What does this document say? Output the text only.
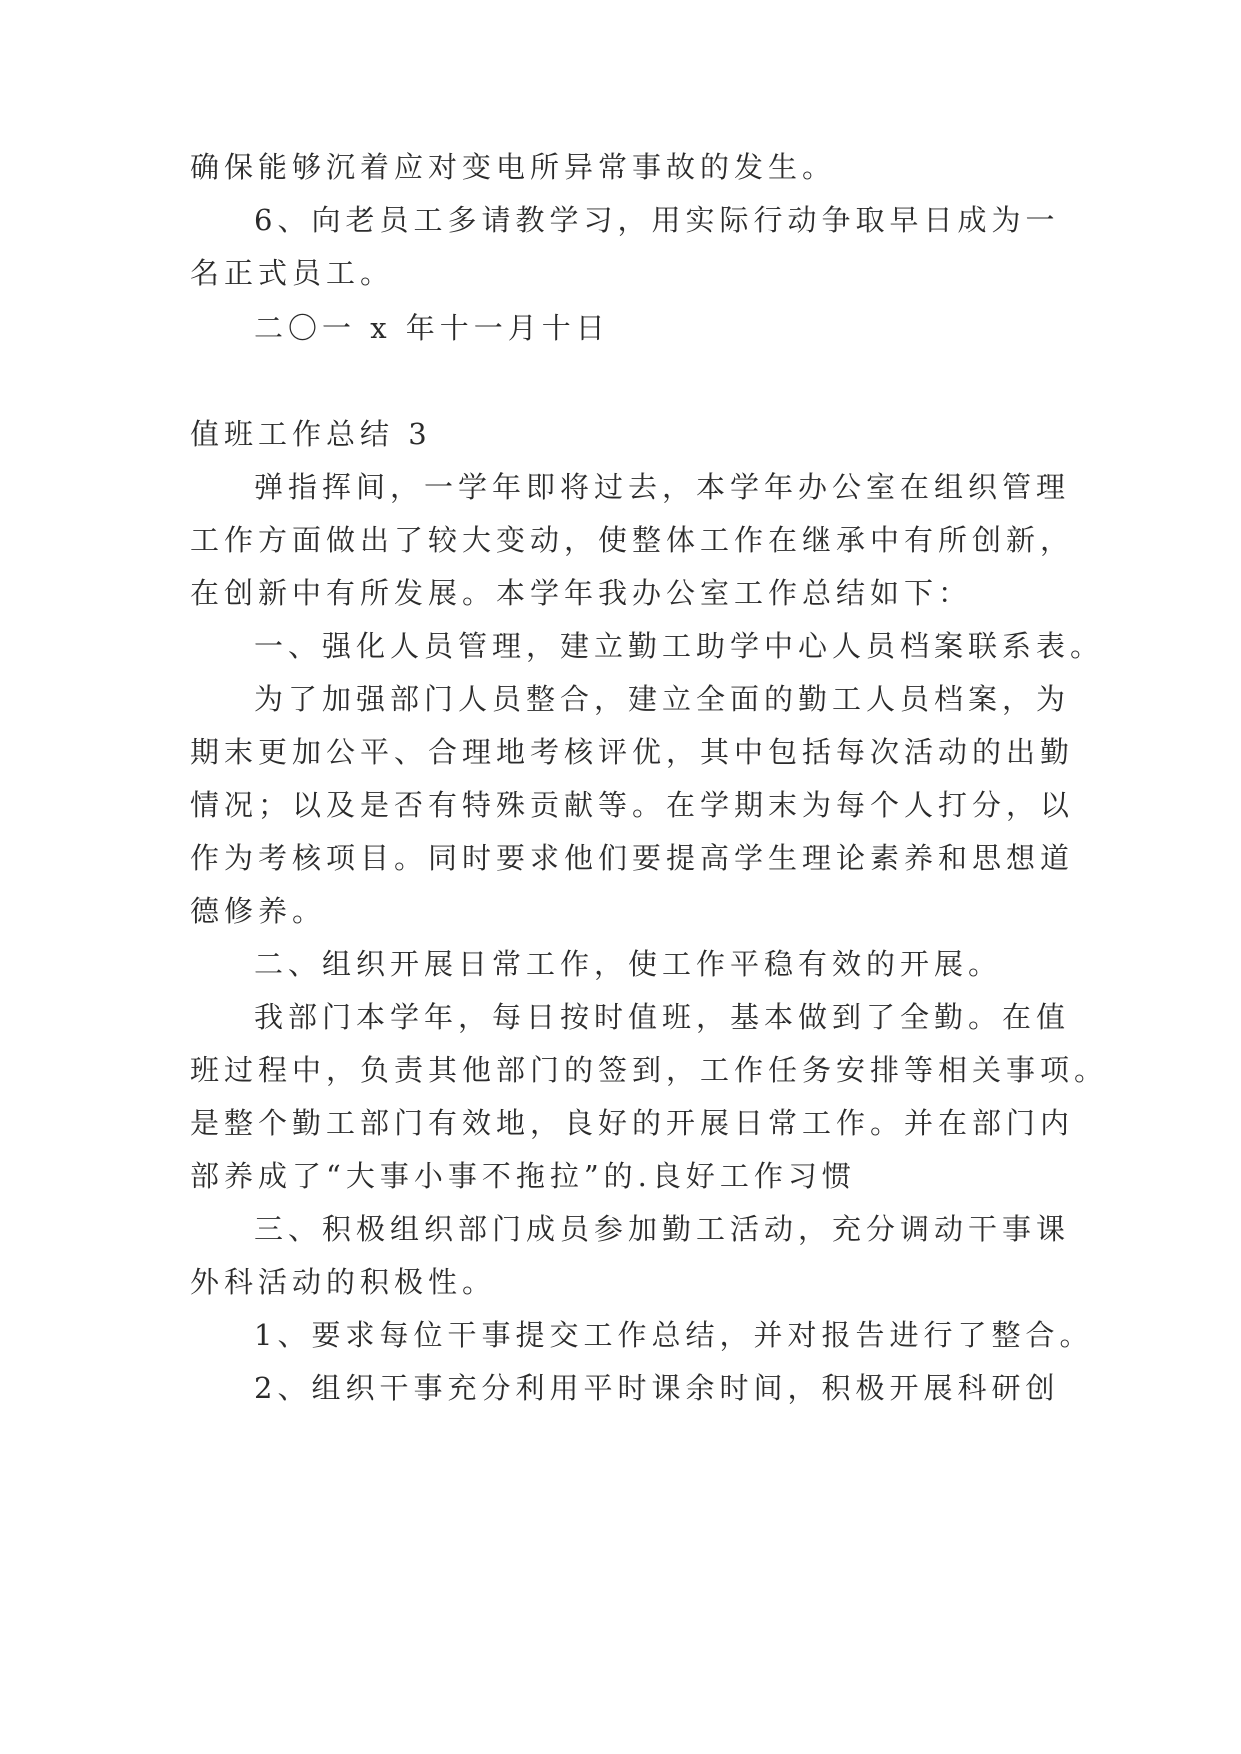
确保能够沉着应对变电所异常事故的发生。

6、向老员工多请教学习，用实际行动争取早日成为一

名正式员工。

二〇一 x 年十一月十日

值班工作总结 3

弹指挥间，一学年即将过去，本学年办公室在组织管理

工作方面做出了较大变动，使整体工作在继承中有所创新，

在创新中有所发展。本学年我办公室工作总结如下：

一、强化人员管理，建立勤工助学中心人员档案联系表。

为了加强部门人员整合，建立全面的勤工人员档案，为

期末更加公平、合理地考核评优，其中包括每次活动的出勤

情况；以及是否有特殊贡献等。在学期末为每个人打分，以

作为考核项目。同时要求他们要提高学生理论素养和思想道

德修养。

二、组织开展日常工作，使工作平稳有效的开展。

我部门本学年，每日按时值班，基本做到了全勤。在值

班过程中，负责其他部门的签到，工作任务安排等相关事项。

是整个勤工部门有效地，良好的开展日常工作。并在部门内

部养成了“大事小事不拖拉”的.良好工作习惯

三、积极组织部门成员参加勤工活动，充分调动干事课

外科活动的积极性。

1、要求每位干事提交工作总结，并对报告进行了整合。

2、组织干事充分利用平时课余时间，积极开展科研创
